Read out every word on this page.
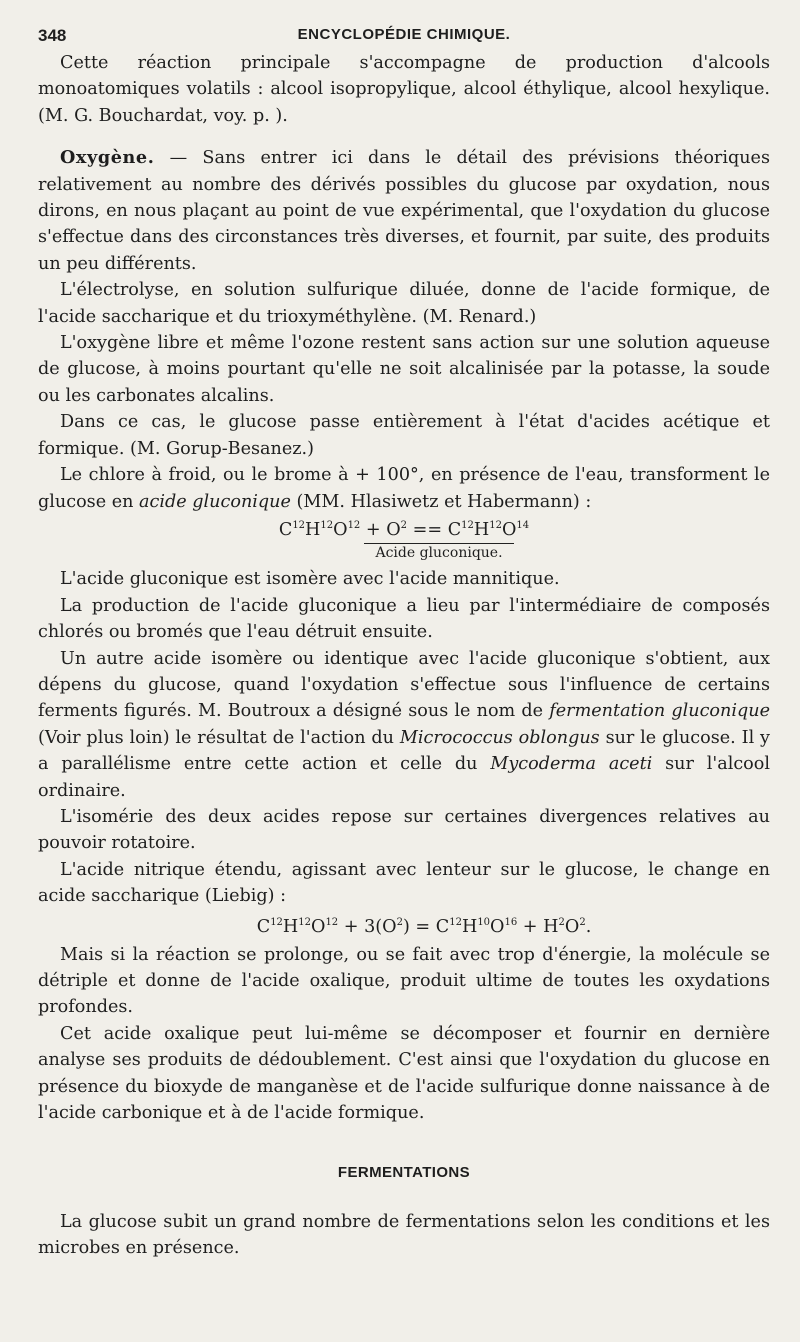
348	ENCYCLOPÉDIE CHIMIQUE.

Cette réaction principale s'accompagne de production d'alcools monoatomiques volatils : alcool isopropylique, alcool éthylique, alcool hexylique. (M. G. Bouchardat, voy. p. ).

Oxygène. — Sans entrer ici dans le détail des prévisions théoriques relativement au nombre des dérivés possibles du glucose par oxydation, nous dirons, en nous plaçant au point de vue expérimental, que l'oxydation du glucose s'effectue dans des circonstances très diverses, et fournit, par suite, des produits un peu différents.

L'électrolyse, en solution sulfurique diluée, donne de l'acide formique, de l'acide saccharique et du trioxyméthylène. (M. Renard.)

L'oxygène libre et même l'ozone restent sans action sur une solution aqueuse de glucose, à moins pourtant qu'elle ne soit alcalinisée par la potasse, la soude ou les carbonates alcalins.

Dans ce cas, le glucose passe entièrement à l'état d'acides acétique et formique. (M. Gorup-Besanez.)

Le chlore à froid, ou le brome à + 100°, en présence de l'eau, transforment le glucose en acide gluconique (MM. Hlasiwetz et Habermann) :

$C^{12}H^{12}O^{12} + O^2 == C^{12}H^{12}O^{14}$
Acide gluconique.

L'acide gluconique est isomère avec l'acide mannitique.

La production de l'acide gluconique a lieu par l'intermédiaire de composés chlorés ou bromés que l'eau détruit ensuite.

Un autre acide isomère ou identique avec l'acide gluconique s'obtient, aux dépens du glucose, quand l'oxydation s'effectue sous l'influence de certains ferments figurés. M. Boutroux a désigné sous le nom de fermentation gluconique (Voir plus loin) le résultat de l'action du Micrococcus oblongus sur le glucose. Il y a parallélisme entre cette action et celle du Mycoderma aceti sur l'alcool ordinaire.

L'isomérie des deux acides repose sur certaines divergences relatives au pouvoir rotatoire.

L'acide nitrique étendu, agissant avec lenteur sur le glucose, le change en acide saccharique (Liebig) :

$C^{12}H^{12}O^{12} + 3(O^2) = C^{12}H^{10}O^{16} + H^2O^2$.

Mais si la réaction se prolonge, ou se fait avec trop d'énergie, la molécule se détriple et donne de l'acide oxalique, produit ultime de toutes les oxydations profondes.

Cet acide oxalique peut lui-même se décomposer et fournir en dernière analyse ses produits de dédoublement. C'est ainsi que l'oxydation du glucose en présence du bioxyde de manganèse et de l'acide sulfurique donne naissance à de l'acide carbonique et à de l'acide formique.

FERMENTATIONS

La glucose subit un grand nombre de fermentations selon les conditions et les microbes en présence.
